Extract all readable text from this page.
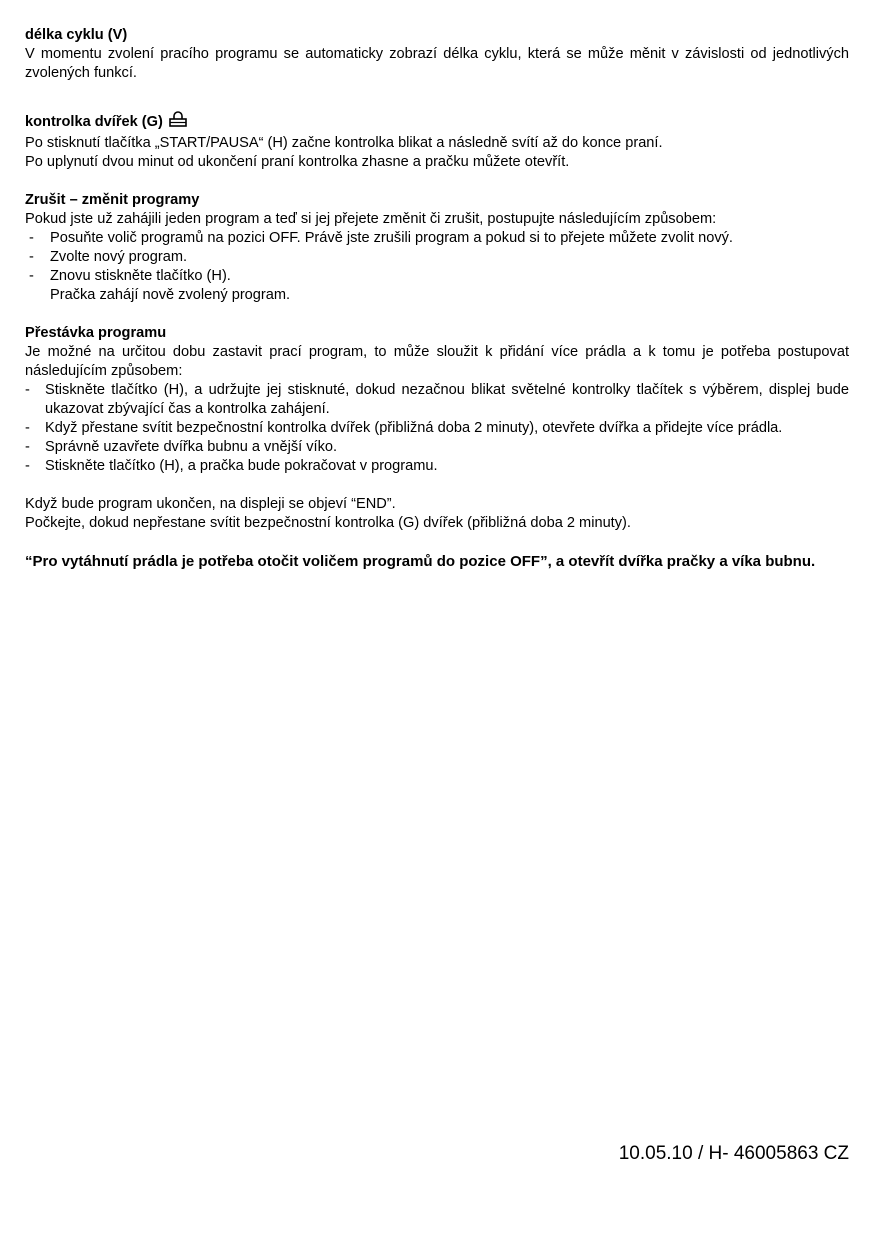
délka cyklu (V)

V momentu zvolení pracího programu se automaticky zobrazí délka cyklu, která se může měnit v závislosti od jednotlivých zvolených funkcí.

kontrolka dvířek (G)

Po stisknutí tlačítka „START/PAUSA“ (H) začne kontrolka blikat a následně svítí až do konce praní.

Po uplynutí dvou minut od ukončení praní kontrolka zhasne a pračku můžete otevřít.

Zrušit – změnit programy

Pokud jste už zahájili jeden program a teď si jej přejete změnit či zrušit, postupujte následujícím způsobem:

- Posuňte volič programů na pozici OFF. Právě jste zrušili program a pokud si to přejete můžete zvolit nový.
- Zvolte nový program.
- Znovu stiskněte tlačítko (H).

Pračka zahájí nově zvolený program.

Přestávka programu

Je možné na určitou dobu zastavit prací program, to může sloužit k přidání více prádla a k tomu je potřeba postupovat následujícím způsobem:

- Stiskněte tlačítko (H), a udržujte jej stisknuté, dokud nezačnou blikat světelné kontrolky tlačítek s výběrem, displej bude ukazovat zbývající čas a kontrolka zahájení.
- Když přestane svítit bezpečnostní kontrolka dvířek (přibližná doba 2 minuty), otevřete dvířka a přidejte více prádla.
- Správně uzavřete dvířka bubnu a vnější víko.
- Stiskněte tlačítko (H), a pračka bude pokračovat v programu.

Když bude program ukončen, na displeji se objeví “END”.

Počkejte, dokud nepřestane svítit bezpečnostní kontrolka (G) dvířek (přibližná doba 2 minuty).

“Pro vytáhnutí prádla je potřeba otočit voličem programů do pozice OFF”, a otevřít dvířka pračky a víka bubnu.

10.05.10 / H- 46005863 CZ
